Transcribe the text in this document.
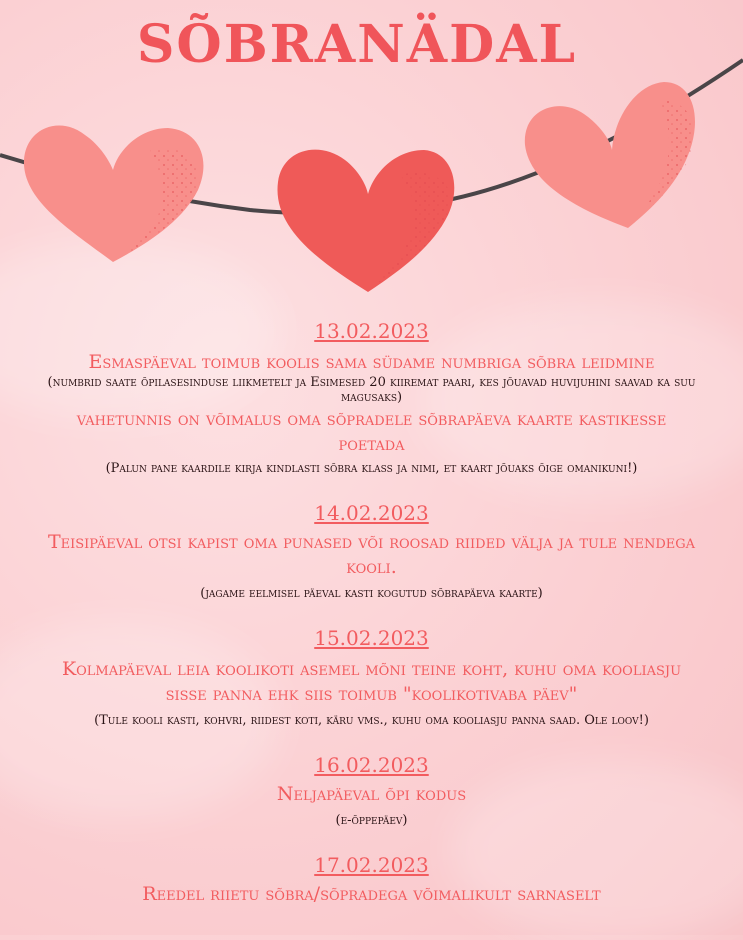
SÕBRANÄDAL
13.02.2023
Esmaspäeval toimub koolis sama südame numbriga sõbra leidmine
(numbrid saate õpilasesinduse liikmetelt ja Esimesed 20 kiiremat paari, kes jõuavad huvijuhini saavad ka suu magusaks)
vahetunnis on võimalus oma sõpradele sõbrapäeva kaarte kastikesse poetada
(Palun pane kaardile kirja kindlasti sõbra klass ja nimi, et kaart jõuaks õige omanikuni!)
14.02.2023
Teisipäeval otsi kapist oma punased või roosad riided välja ja tule nendega kooli.
(jagame eelmisel päeval kasti kogutud sõbrapäeva kaarte)
15.02.2023
Kolmapäeval leia koolikoti asemel mõni teine koht, kuhu oma kooliasju sisse panna ehk siis toimub "koolikotivaba päev"
(Tule kooli kasti, kohvri, riidest koti, käru vms., kuhu oma kooliasju panna saad. Ole loov!)
16.02.2023
Neljapäeval õpi kodus
(e-õppepäev)
17.02.2023
Reedel riietu sõbra/sõpradega võimalikult sarnaselt
